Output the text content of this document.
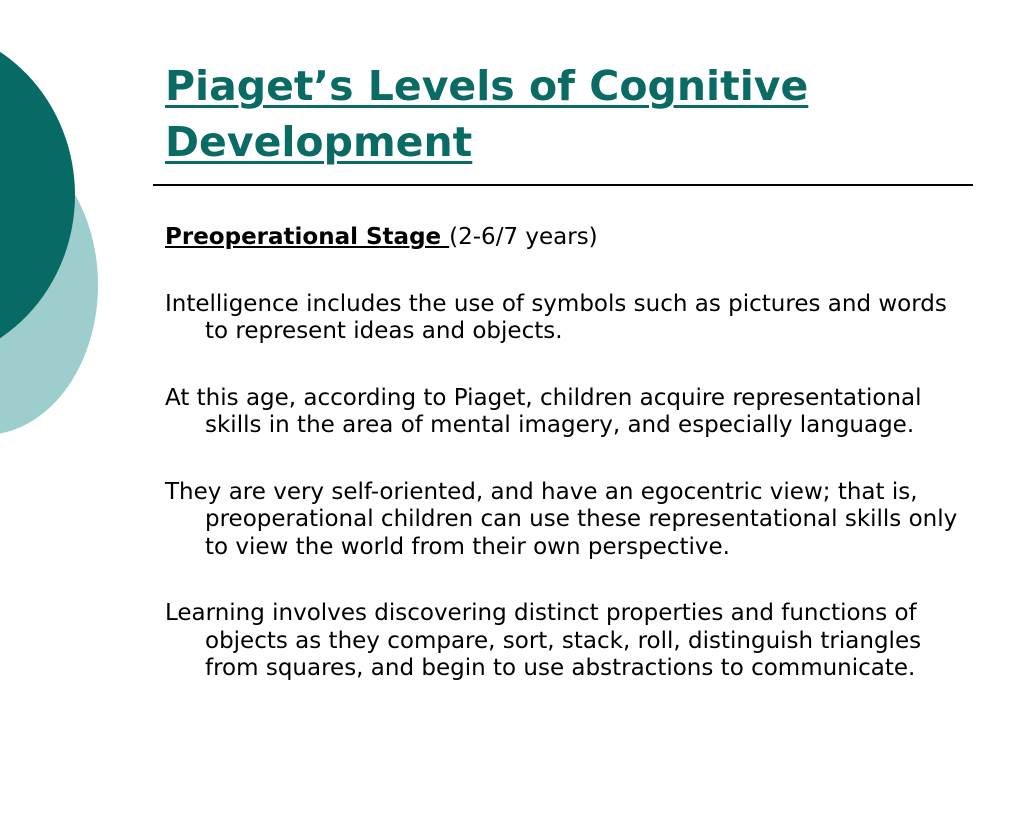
Piaget’s Levels of Cognitive Development

Preoperational Stage (2-6/7 years)

Intelligence includes the use of symbols such as pictures and words to represent ideas and objects.

At this age, according to Piaget, children acquire representational skills in the area of mental imagery, and especially language.

They are very self-oriented, and have an egocentric view; that is, preoperational children can use these representational skills only to view the world from their own perspective.

Learning involves discovering distinct properties and functions of objects as they compare, sort, stack, roll, distinguish triangles from squares, and begin to use abstractions to communicate.
